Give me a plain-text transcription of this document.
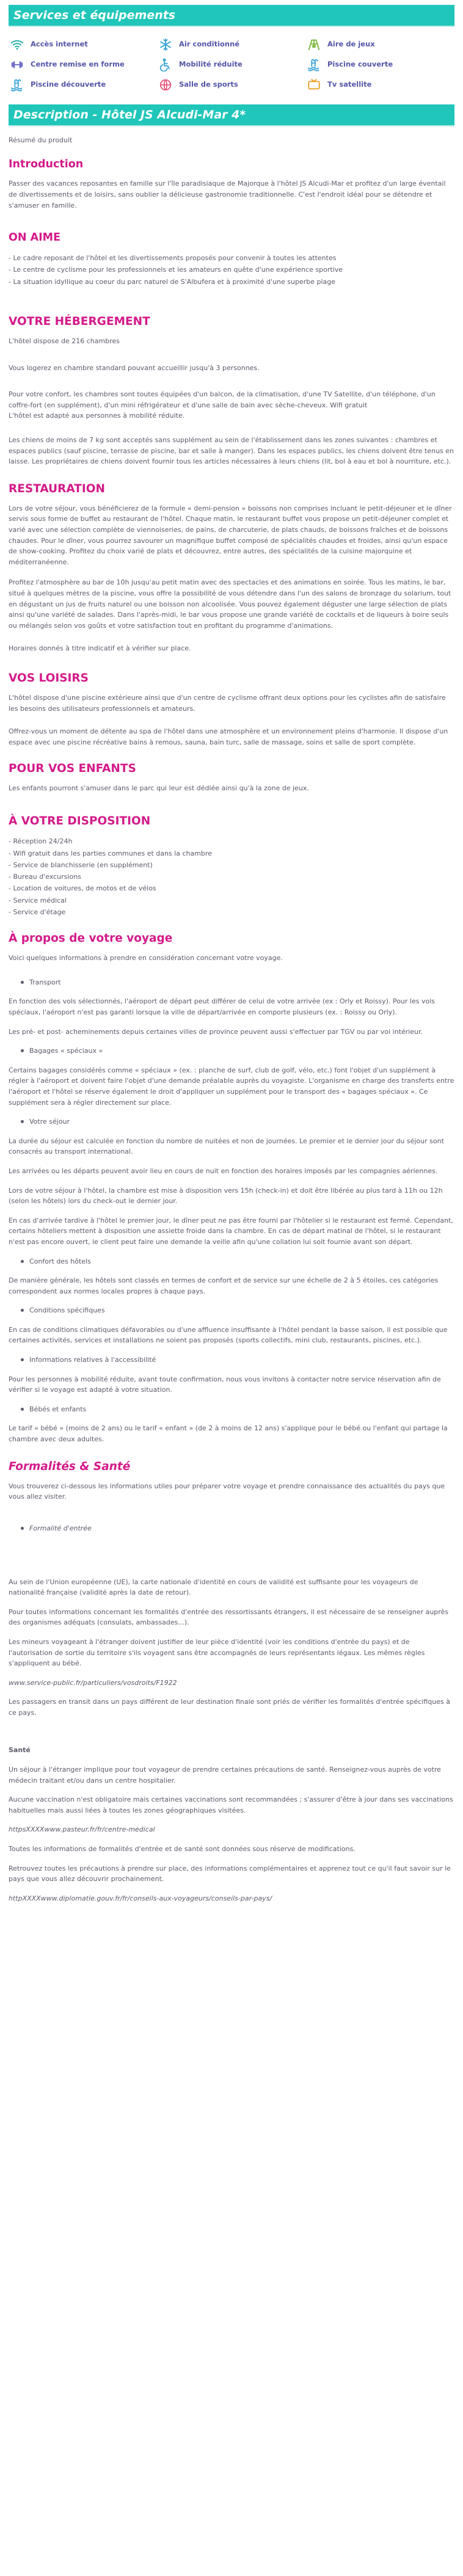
Services et équipements
Accès internet	Air conditionné	Aire de jeux
Centre remise en forme	Mobilité réduite	Piscine couverte
Piscine découverte	Salle de sports	Tv satellite
Description - Hôtel JS Alcudi-Mar 4*
Résumé du produit
Introduction

Passer des vacances reposantes en famille sur l'île paradisiaque de Majorque à l'hôtel JS Alcudi-Mar et profitez d'un large éventail de divertissements et de loisirs, sans oublier la délicieuse gastronomie traditionnelle. C'est l'endroit idéal pour se détendre et s'amuser en famille.

ON AIME
- Le cadre reposant de l'hôtel et les divertissements proposés pour convenir à toutes les attentes
- Le centre de cyclisme pour les professionnels et les amateurs en quête d'une expérience sportive
- La situation idyllique au coeur du parc naturel de S'Albufera et à proximité d'une superbe plage
VOTRE HÉBERGEMENT

L'hôtel dispose de 216 chambres

Vous logerez en chambre standard pouvant accueillir jusqu'à 3 personnes.

Pour votre confort, les chambres sont toutes équipées d'un balcon, de la climatisation, d'une TV Satellite, d'un téléphone, d'un coffre-fort (en supplément), d'un mini réfrigérateur et d'une salle de bain avec sèche-cheveux. Wifi gratuit

L'hôtel est adapté aux personnes à mobilité réduite.

Les chiens de moins de 7 kg sont acceptés sans supplément au sein de l'établissement dans les zones suivantes : chambres et espaces publics (sauf piscine, terrasse de piscine, bar et salle à manger). Dans les espaces publics, les chiens doivent être tenus en laisse. Les propriétaires de chiens doivent fournir tous les articles nécessaires à leurs chiens (lit, bol à eau et bol à nourriture, etc.).

RESTAURATION

Lors de votre séjour, vous bénéficierez de la formule « demi-pension » boissons non comprises incluant le petit-déjeuner et le dîner servis sous forme de buffet au restaurant de l'hôtel. Chaque matin, le restaurant buffet vous propose un petit-déjeuner complet et varié avec une sélection complète de viennoiseries, de pains, de charcuterie, de plats chauds, de boissons fraîches et de boissons chaudes. Pour le dîner, vous pourrez savourer un magnifique buffet composé de spécialités chaudes et froides, ainsi qu'un espace de show-cooking. Profitez du choix varié de plats et découvrez, entre autres, des spécialités de la cuisine majorquine et méditerranéenne.

Profitez l'atmosphère au bar de 10h jusqu'au petit matin avec des spectacles et des animations en soirée. Tous les matins, le bar, situé à quelques mètres de la piscine, vous offre la possibilité de vous détendre dans l'un des salons de bronzage du solarium, tout en dégustant un jus de fruits naturel ou une boisson non alcoolisée. Vous pouvez également déguster une large sélection de plats ainsi qu'une variété de salades. Dans l'après-midi, le bar vous propose une grande variété de cocktails et de liqueurs à boire seuls ou mélangés selon vos goûts et votre satisfaction tout en profitant du programme d'animations.

Horaires donnés à titre indicatif et à vérifier sur place.

VOS LOISIRS

L'hôtel dispose d'une piscine extérieure ainsi que d'un centre de cyclisme offrant deux options pour les cyclistes afin de satisfaire les besoins des utilisateurs professionnels et amateurs.

Offrez-vous un moment de détente au spa de l'hôtel dans une atmosphère et un environnement pleins d'harmonie. Il dispose d'un espace avec une piscine récréative bains à remous, sauna, bain turc, salle de massage, soins et salle de sport complète.

POUR VOS ENFANTS

Les enfants pourront s'amuser dans le parc qui leur est dédiée ainsi qu'à la zone de jeux.

À VOTRE DISPOSITION
- Réception 24/24h
- Wifi gratuit dans les parties communes et dans la chambre
- Service de blanchisserie (en supplément)
- Bureau d'excursions
- Location de voitures, de motos et de vélos
- Service médical
- Service d'étage
À propos de votre voyage

Voici quelques informations à prendre en considération concernant votre voyage.

Transport

En fonction des vols sélectionnés, l'aéroport de départ peut différer de celui de votre arrivée (ex : Orly et Roissy). Pour les vols spéciaux, l'aéroport n'est pas garanti lorsque la ville de départ/arrivée en comporte plusieurs (ex. : Roissy ou Orly).

Les pré- et post- acheminements depuis certaines villes de province peuvent aussi s'effectuer par TGV ou par voi intérieur.

Bagages « spéciaux »

Certains bagages considérés comme « spéciaux » (ex. : planche de surf, club de golf, vélo, etc.) font l'objet d'un supplément à régler à l'aéroport et doivent faire l'objet d'une demande préalable auprès du voyagiste. L'organisme en charge des transferts entre l'aéroport et l'hôtel se réserve également le droit d'appliquer un supplément pour le transport des « bagages spéciaux ». Ce supplément sera à régler directement sur place.

Votre séjour

La durée du séjour est calculée en fonction du nombre de nuitées et non de journées. Le premier et le dernier jour du séjour sont consacrés au transport international.

Les arrivées ou les départs peuvent avoir lieu en cours de nuit en fonction des horaires imposés par les compagnies aériennes.

Lors de votre séjour à l'hôtel, la chambre est mise à disposition vers 15h (check-in) et doit être libérée au plus tard à 11h ou 12h (selon les hôtels) lors du check-out le dernier jour.

En cas d'arrivée tardive à l'hôtel le premier jour, le dîner peut ne pas être fourni par l'hôtelier si le restaurant est fermé. Cependant, certains hôteliers mettent à disposition une assiette froide dans la chambre. En cas de départ matinal de l'hôtel, si le restaurant n'est pas encore ouvert, le client peut faire une demande la veille afin qu'une collation lui soit fournie avant son départ.

Confort des hôtels

De manière générale, les hôtels sont classés en termes de confort et de service sur une échelle de 2 à 5 étoiles, ces catégories correspondent aux normes locales propres à chaque pays.

Conditions spécifiques

En cas de conditions climatiques défavorables ou d'une affluence insuffisante à l'hôtel pendant la basse saison, il est possible que certaines activités, services et installations ne soient pas proposés (sports collectifs, mini club, restaurants, piscines, etc.).

Informations relatives à l'accessibilité

Pour les personnes à mobilité réduite, avant toute confirmation, nous vous invitons à contacter notre service réservation afin de vérifier si le voyage est adapté à votre situation.

Bébés et enfants

Le tarif « bébé » (moins de 2 ans) ou le tarif « enfant » (de 2 à moins de 12 ans) s'applique pour le bébé ou l'enfant qui partage la chambre avec deux adultes.

Formalités & Santé

Vous trouverez ci-dessous les informations utiles pour préparer votre voyage et prendre connaissance des actualités du pays que vous allez visiter.

Formalité d'entrée

Au sein de l'Union européenne (UE), la carte nationale d'identité en cours de validité est suffisante pour les voyageurs de nationalité française (validité après la date de retour).

Pour toutes informations concernant les formalités d'entrée des ressortissants étrangers, il est nécessaire de se renseigner auprès des organismes adéquats (consulats, ambassades...).

Les mineurs voyageant à l'étranger doivent justifier de leur pièce d'identité (voir les conditions d'entrée du pays) et de l'autorisation de sortie du territoire s'ils voyagent sans être accompagnés de leurs représentants légaux. Les mêmes règles s'appliquent au bébé.

www.service-public.fr/particuliers/vosdroits/F1922

Les passagers en transit dans un pays différent de leur destination finale sont priés de vérifier les formalités d'entrée spécifiques à ce pays.

Santé

Un séjour à l'étranger implique pour tout voyageur de prendre certaines précautions de santé. Renseignez-vous auprès de votre médecin traitant et/ou dans un centre hospitalier.

Aucune vaccination n'est obligatoire mais certaines vaccinations sont recommandées ; s'assurer d'être à jour dans ses vaccinations habituelles mais aussi liées à toutes les zones géographiques visitées.

httpsXXXXwww.pasteur.fr/fr/centre-medical

Toutes les informations de formalités d'entrée et de santé sont données sous réserve de modifications.

Retrouvez toutes les précautions à prendre sur place, des informations complémentaires et apprenez tout ce qu'il faut savoir sur le pays que vous allez découvrir prochainement.

httpXXXXwww.diplomatie.gouv.fr/fr/conseils-aux-voyageurs/conseils-par-pays/
